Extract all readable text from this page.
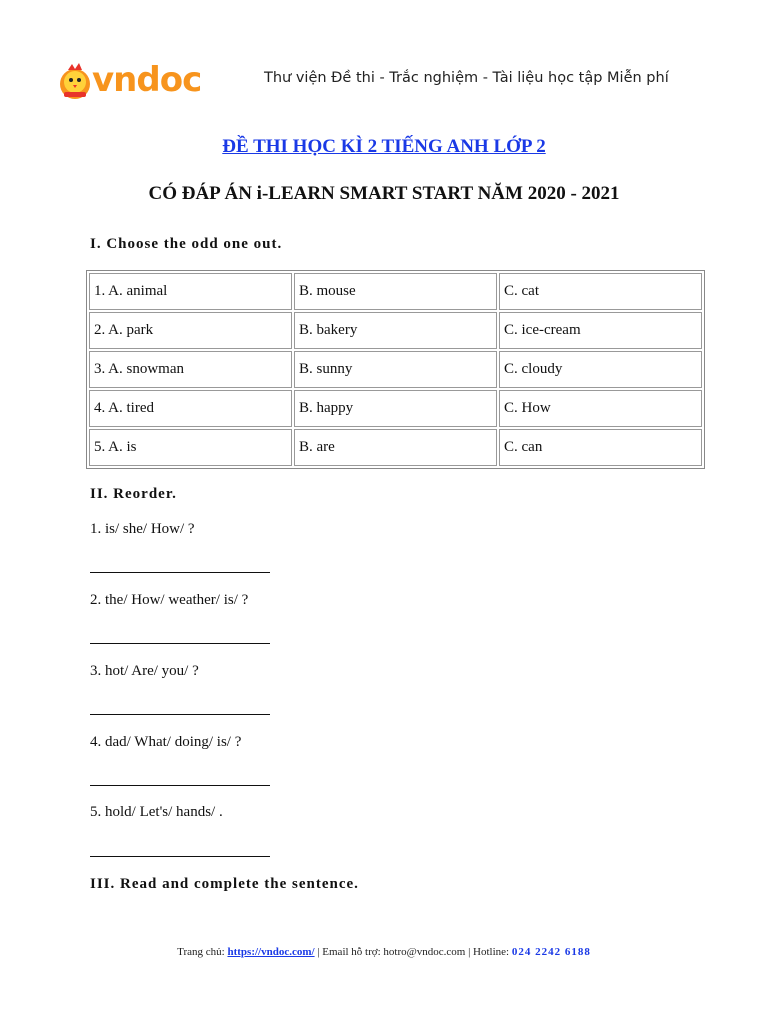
vndoc	Thư viện Đề thi - Trắc nghiệm - Tài liệu học tập Miễn phí
ĐỀ THI HỌC KÌ 2 TIẾNG ANH LỚP 2
CÓ ĐÁP ÁN i-LEARN SMART START NĂM 2020 - 2021
I. Choose the odd one out.
1. A. animal	B. mouse	C. cat
2. A. park	B. bakery	C. ice-cream
3. A. snowman	B. sunny	C. cloudy
4. A. tired	B. happy	C. How
5. A. is	B. are	C. can
II. Reorder.
1. is/ she/ How/ ?
2. the/ How/ weather/ is/ ?
3. hot/ Are/ you/ ?
4. dad/ What/ doing/ is/ ?
5. hold/ Let's/ hands/ .
III. Read and complete the sentence.
Trang chủ: https://vndoc.com/ | Email hỗ trợ: hotro@vndoc.com | Hotline: 024 2242 6188
